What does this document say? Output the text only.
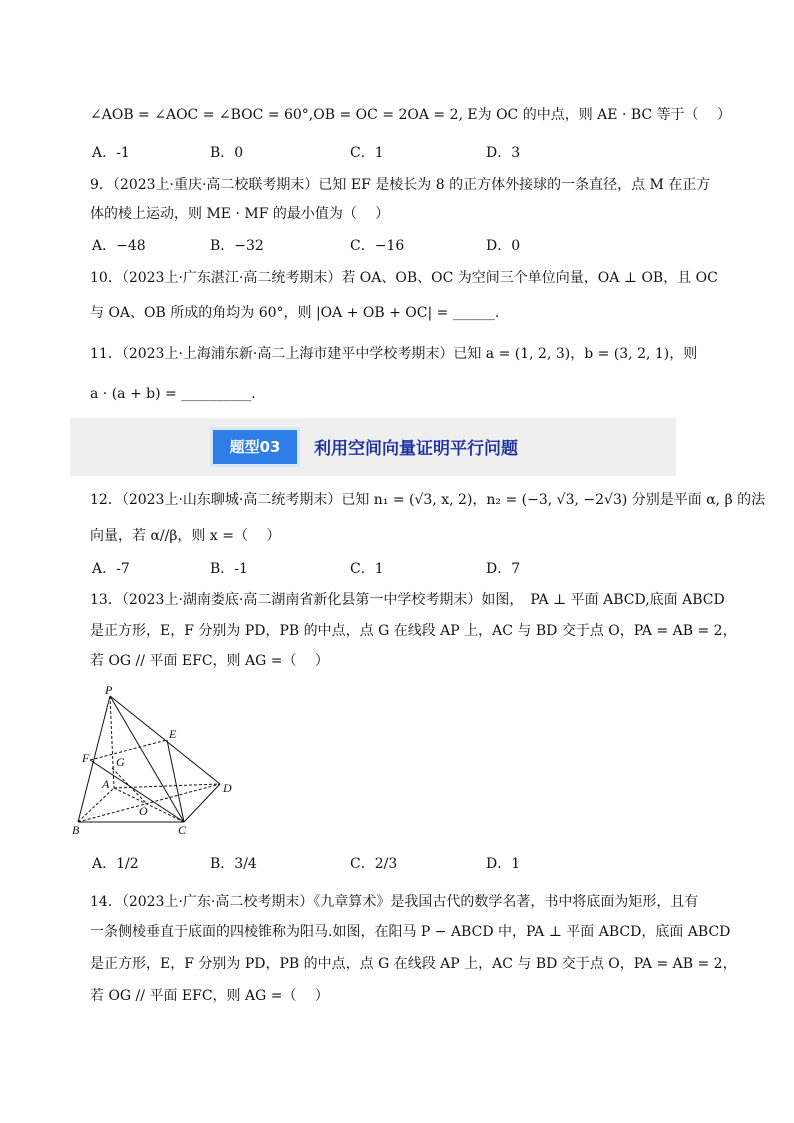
∠AOB = ∠AOC = ∠BOC = 60°,OB = OC = 2OA = 2, E为 OC 的中点，则 AE · BC 等于（　 ）
A．-1	B．0	C．1	D．3
9．（2023上·重庆·高二校联考期末）已知 EF 是棱长为 8 的正方体外接球的一条直径，点 M 在正方
体的棱上运动，则 ME · MF 的最小值为（　 ）
A．−48	B．−32	C．−16	D．0
10．（2023上·广东湛江·高二统考期末）若 OA、OB、OC 为空间三个单位向量，OA ⊥ OB，且 OC
与 OA、OB 所成的角均为 60°，则 |OA + OB + OC| = ______.
11．（2023上·上海浦东新·高二上海市建平中学校考期末）已知 a = (1, 2, 3)，b = (3, 2, 1)，则
a · (a + b) = __________.
题型03	利用空间向量证明平行问题
12．（2023上·山东聊城·高二统考期末）已知 n₁ = (√3, x, 2)，n₂ = (−3, √3, −2√3) 分别是平面 α, β 的法
向量，若 α//β，则 x =（　 ）
A．-7	B．-1	C．1	D．7
13．（2023上·湖南娄底·高二湖南省新化县第一中学校考期末）如图，　PA ⊥ 平面 ABCD,底面 ABCD
是正方形，E，F 分别为 PD，PB 的中点，点 G 在线段 AP 上，AC 与 BD 交于点 O，PA = AB = 2，
若 OG // 平面 EFC，则 AG =（　 ）
P
E
F G
A	D
O
B	C
A．1/2	B．3/4	C．2/3	D．1
14．（2023上·广东·高二校考期末）《九章算术》是我国古代的数学名著，书中将底面为矩形，且有
一条侧棱垂直于底面的四棱锥称为阳马.如图，在阳马 P − ABCD 中，PA ⊥ 平面 ABCD，底面 ABCD
是正方形，E，F 分别为 PD，PB 的中点，点 G 在线段 AP 上，AC 与 BD 交于点 O，PA = AB = 2，
若 OG // 平面 EFC，则 AG =（　 ）
